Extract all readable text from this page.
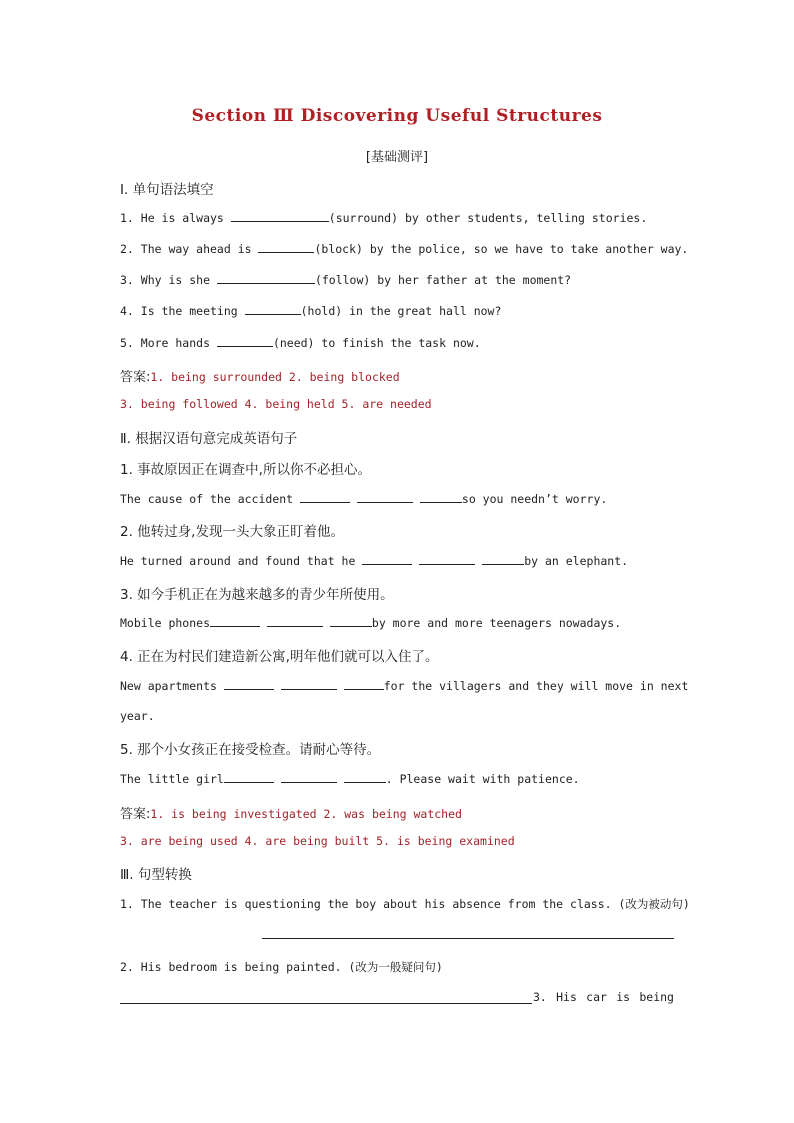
Section Ⅲ Discovering Useful Structures
[基础测评]
Ⅰ. 单句语法填空
1. He is always	(surround) by other students, telling stories.
2. The way ahead is	(block) by the police, so we have to take another way.
3. Why is she	(follow) by her father at the moment?
4. Is the meeting	(hold) in the great hall now?
5. More hands	(need) to finish the task now.
答案:1. being surrounded 2. being blocked
3. being followed 4. being held 5. are needed
Ⅱ. 根据汉语句意完成英语句子
1. 事故原因正在调查中,所以你不必担心。
The cause of the accident	so you needn’t worry.
2. 他转过身,发现一头大象正盯着他。
He turned around and found that he	by an elephant.
3. 如今手机正在为越来越多的青少年所使用。
Mobile phones	by more and more teenagers nowadays.
4. 正在为村民们建造新公寓,明年他们就可以入住了。
New apartments	for the villagers and they will move in next
year.
5. 那个小女孩正在接受检查。请耐心等待。
The little girl	. Please wait with patience.
答案:1. is being investigated 2. was being watched
3. are being used 4. are being built 5. is being examined
Ⅲ. 句型转换
1. The teacher is questioning the boy about his absence from the class. (改为被动句)
2. His bedroom is being painted. (改为一般疑问句)
3. His car is being
